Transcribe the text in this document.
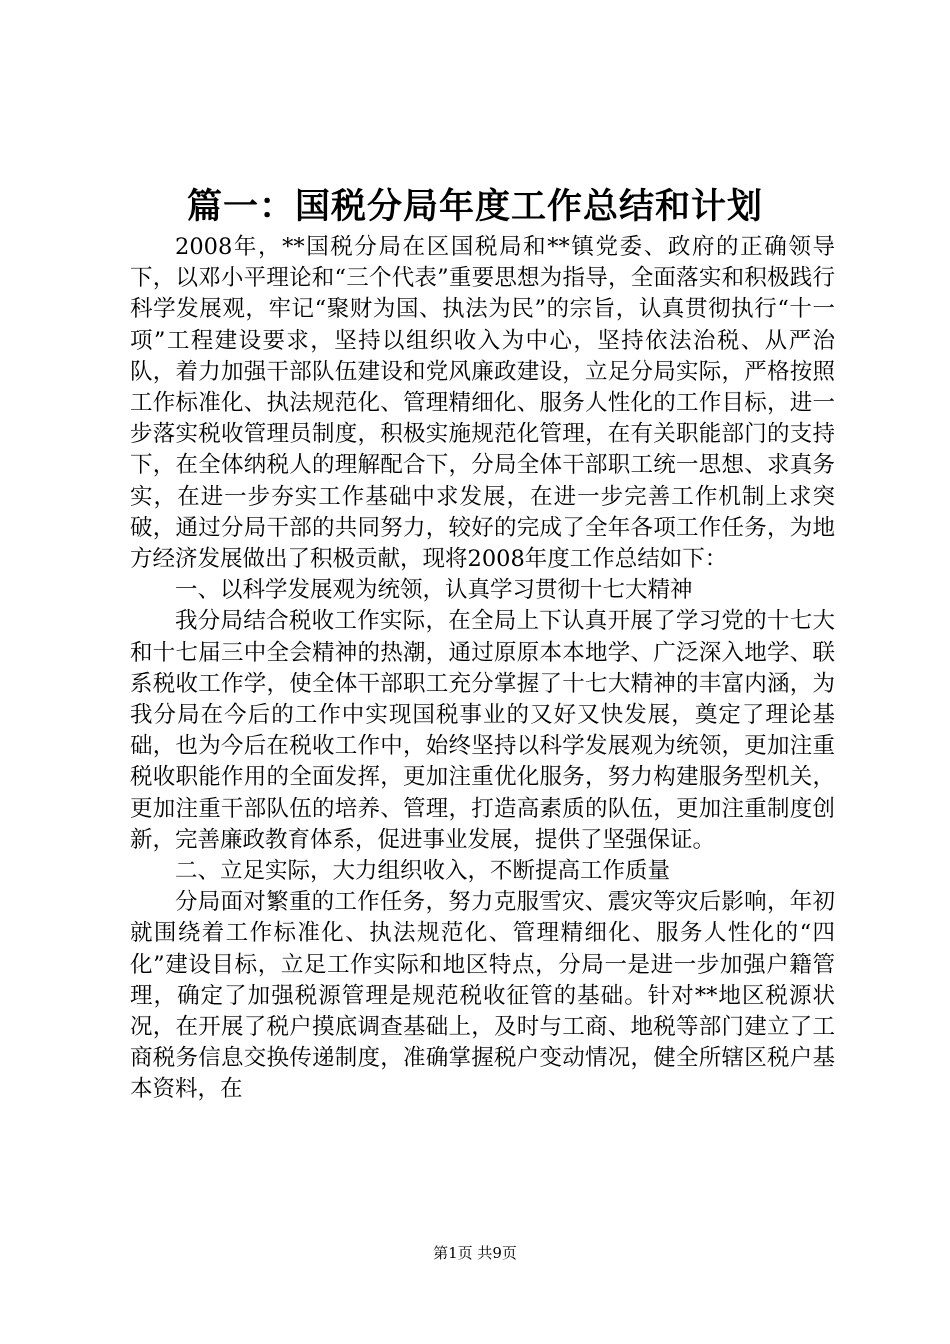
篇一：国税分局年度工作总结和计划

2008年，**国税分局在区国税局和**镇党委、政府的正确领导下，以邓小平理论和“三个代表”重要思想为指导，全面落实和积极践行科学发展观，牢记“聚财为国、执法为民”的宗旨，认真贯彻执行“十一项”工程建设要求，坚持以组织收入为中心，坚持依法治税、从严治队，着力加强干部队伍建设和党风廉政建设，立足分局实际，严格按照工作标准化、执法规范化、管理精细化、服务人性化的工作目标，进一步落实税收管理员制度，积极实施规范化管理，在有关职能部门的支持下，在全体纳税人的理解配合下，分局全体干部职工统一思想、求真务实，在进一步夯实工作基础中求发展，在进一步完善工作机制上求突破，通过分局干部的共同努力，较好的完成了全年各项工作任务，为地方经济发展做出了积极贡献，现将2008年度工作总结如下：

一、以科学发展观为统领，认真学习贯彻十七大精神

我分局结合税收工作实际，在全局上下认真开展了学习党的十七大和十七届三中全会精神的热潮，通过原原本本地学、广泛深入地学、联系税收工作学，使全体干部职工充分掌握了十七大精神的丰富内涵，为我分局在今后的工作中实现国税事业的又好又快发展，奠定了理论基础，也为今后在税收工作中，始终坚持以科学发展观为统领，更加注重税收职能作用的全面发挥，更加注重优化服务，努力构建服务型机关，更加注重干部队伍的培养、管理，打造高素质的队伍，更加注重制度创新，完善廉政教育体系，促进事业发展，提供了坚强保证。

二、立足实际，大力组织收入，不断提高工作质量

分局面对繁重的工作任务，努力克服雪灾、震灾等灾后影响，年初就围绕着工作标准化、执法规范化、管理精细化、服务人性化的“四化”建设目标，立足工作实际和地区特点，分局一是进一步加强户籍管理，确定了加强税源管理是规范税收征管的基础。针对**地区税源状况，在开展了税户摸底调查基础上，及时与工商、地税等部门建立了工商税务信息交换传递制度，准确掌握税户变动情况，健全所辖区税户基本资料，在

第1页 共9页
